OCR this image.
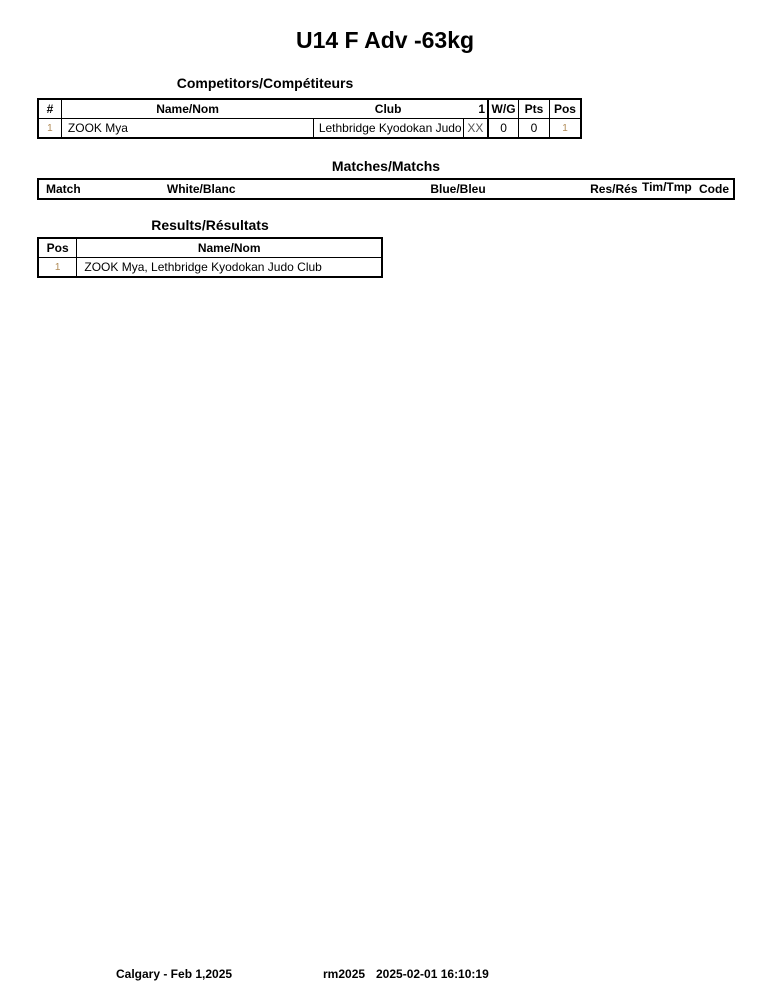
U14 F Adv -63kg
Competitors/Compétiteurs
#	Name/Nom	Club	1	W/G	Pts	Pos
1	ZOOK Mya	Lethbridge Kyodokan Judo	XX	0	0	1
Matches/Matchs
Match	White/Blanc	Blue/Bleu	Res/Rés	Tim/Tmp	Code
Results/Résultats
Pos	Name/Nom
1	ZOOK Mya, Lethbridge Kyodokan Judo Club
Calgary - Feb 1,2025	rm2025 2025-02-01 16:10:19
